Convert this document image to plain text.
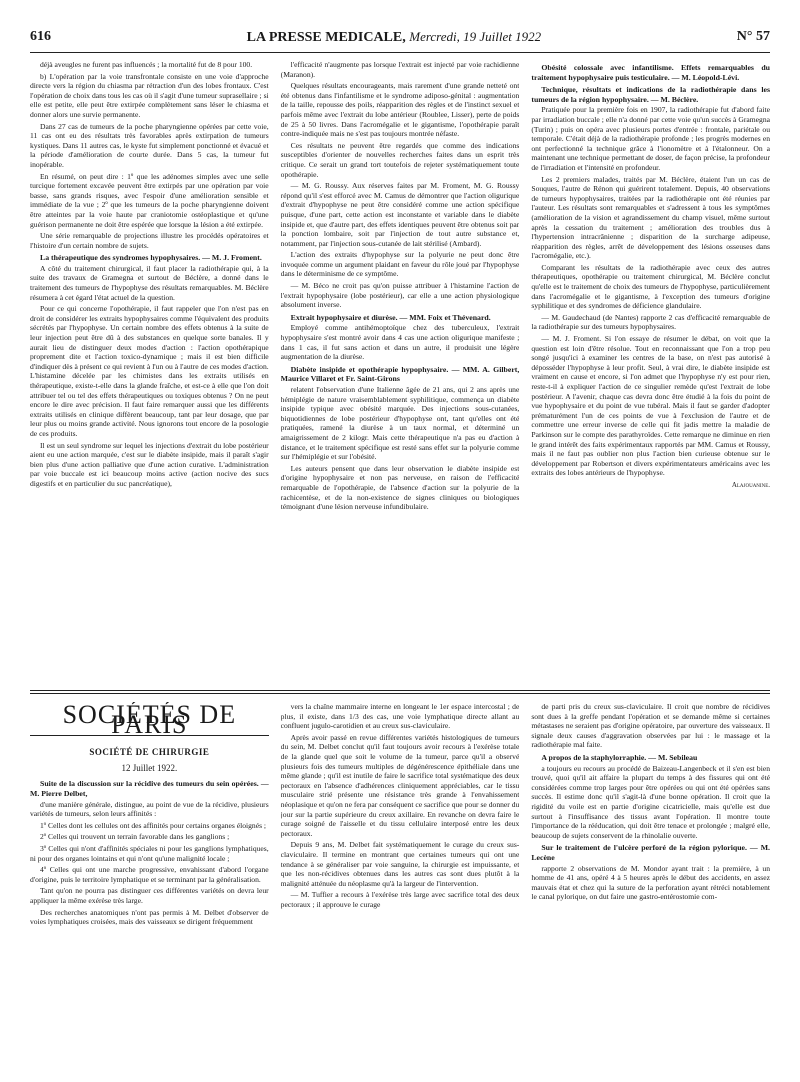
616	LA PRESSE MEDICALE, Mercredi, 19 Juillet 1922	N° 57

déjà aveugles ne furent pas influencés ; la mortalité fut de 8 pour 100.

b) L'opération par la voie transfrontale consiste en une voie d'approche directe vers la région du chiasma par rétraction d'un des lobes frontaux. C'est l'opération de choix dans tous les cas où il s'agit d'une tumeur suprasellaire ; si elle est petite, elle peut être extirpée complètement sans léser le chiasma et donner alors une survie permanente.

Dans 27 cas de tumeurs de la poche pharyngienne opérées par cette voie, 11 cas ont eu des résultats très favorables après extirpation de tumeurs kystiques. Dans 11 autres cas, le kyste fut simplement ponctionné et évacué et la période d'amélioration de courte durée. Dans 5 cas, la tumeur fut inopérable.

En résumé, on peut dire : 1º que les adénomes simples avec une selle turcique fortement excavée peuvent être extirpés par une opération par voie basse, sans grands risques, avec l'espoir d'une amélioration sensible et immédiate de la vue ; 2º que les tumeurs de la poche pharyngienne doivent être atteintes par la voie haute par craniotomie ostéoplastique et qu'une guérison permanente ne doit être espérée que lorsque la lésion a été extirpée.

Une série remarquable de projections illustre les procédés opératoires et l'histoire d'un certain nombre de sujets.

La thérapeutique des syndromes hypophysaires. — M. J. Froment.

A côté du traitement chirurgical, il faut placer la radiothérapie qui, à la suite des travaux de Gramegna et surtout de Béclère, a donné dans le traitement des tumeurs de l'hypophyse des résultats remarquables. M. Béclère résumera à cet égard l'état actuel de la question.

Pour ce qui concerne l'opothérapie, il faut rappeler que l'on n'est pas en droit de considérer les extraits hypophysaires comme l'équivalent des produits sécrétés par l'hypophyse. Un certain nombre des effets obtenus à la suite de leur injection peut être dû à des substances en quelque sorte banales. Il y aurait lieu de distinguer deux modes d'action : l'action opothérapique proprement dite et l'action toxico-dynamique ; mais il est bien difficile d'indiquer dès à présent ce qui revient à l'un ou à l'autre de ces modes d'action. L'histamine décelée par les chimistes dans les extraits utilisés en thérapeutique, existe-t-elle dans la glande fraîche, et est-ce à elle que l'on doit attribuer tel ou tel des effets thérapeutiques ou toxiques obtenus ? On ne peut encore le dire avec précision. Il faut faire remarquer aussi que les différents extraits utilisés en clinique diffèrent beaucoup, tant par leur dosage, que par leur plus ou moins grande activité. Nous ignorons tout encore de la posologie de ces produits.

Il est un seul syndrome sur lequel les injections d'extrait du lobe postérieur aient eu une action marquée, c'est sur le diabète insipide, mais il paraît s'agir bien plus d'une action palliative que d'une action curative. L'administration par voie buccale est ici beaucoup moins active (action nocive des sucs digestifs et en particulier du suc pancréatique),

l'efficacité n'augmente pas lorsque l'extrait est injecté par voie rachidienne (Maranon).

Quelques résultats encourageants, mais rarement d'une grande netteté ont été obtenus dans l'infantilisme et le syndrome adiposo-génital : augmentation de la taille, repousse des poils, réapparition des règles et de l'instinct sexuel et parfois même avec l'extrait du lobe antérieur (Roublee, Lisser), perte de poids de 25 à 50 livres. Dans l'acromégalie et le gigantisme, l'opothérapie paraît contre-indiquée mais ne s'est pas toujours montrée néfaste.

Ces résultats ne peuvent être regardés que comme des indications susceptibles d'orienter de nouvelles recherches faites dans un esprit très critique. Ce serait un grand tort toutefois de rejeter systématiquement toute opothérapie.

— M. G. Roussy. Aux réserves faites par M. Froment, M. G. Roussy répond qu'il s'est efforcé avec M. Camus de démontrer que l'action oligurique d'extrait d'hypophyse ne peut être considéré comme une action spécifique puisque, d'une part, cette action est inconstante et variable dans le diabète insipide et, que d'autre part, des effets identiques peuvent être obtenus soit par la ponction lombaire, soit par l'injection de tout autre substance et, notamment, par l'injection sous-cutanée de lait stérilisé (Ambard).

L'action des extraits d'hypophyse sur la polyurie ne peut donc être invoquée comme un argument plaidant en faveur du rôle joué par l'hypophyse dans le déterminisme de ce symptôme.

— M. Béco ne croit pas qu'on puisse attribuer à l'histamine l'action de l'extrait hypophysaire (lobe postérieur), car elle a une action physiologique absolument inverse.

Extrait hypophysaire et diurèse. — MM. Foix et Thévenard.

Employé comme antihémoptoïque chez des tuberculeux, l'extrait hypophysaire s'est montré avoir dans 4 cas une action oligurique manifeste ; dans 1 cas, il fut sans action et dans un autre, il produisit une légère augmentation de la diurèse.

Diabète insipide et opothérapie hypophysaire. — MM. A. Gilbert, Maurice Villaret et Fr. Saint-Girons

relatent l'observation d'une Italienne âgée de 21 ans, qui 2 ans après une hémiplégie de nature vraisemblablement syphilitique, commença un diabète insipide typique avec obésité marquée. Des injections sous-cutanées, biquotidiennes de lobe postérieur d'hypophyse ont, tant qu'elles ont été pratiquées, ramené la diurèse à un taux normal, et déterminé un amaigrissement de 2 kilogr. Mais cette thérapeutique n'a pas eu d'action à distance, et le traitement spécifique est resté sans effet sur la polyurie comme sur l'hémiplégie et sur l'obésité.

Les auteurs pensent que dans leur observation le diabète insipide est d'origine hypophysaire et non pas nerveuse, en raison de l'efficacité remarquable de l'opothérapie, de l'absence d'action sur la polyurie de la rachicentèse, et de la non-existence de signes cliniques ou biologiques témoignant d'une lésion nerveuse infundibulaire.

Obésité colossale avec infantilisme. Effets remarquables du traitement hypophysaire puis testiculaire. — M. Léopold-Lévi.
Technique, résultats et indications de la radiothérapie dans les tumeurs de la région hypophysaire. — M. Béclère.

Pratiquée pour la première fois en 1907, la radiothérapie fut d'abord faite par irradiation buccale ; elle n'a donné par cette voie qu'un succès à Gramegna (Turin) ; puis on opéra avec plusieurs portes d'entrée : frontale, pariétale ou temporale. C'était déjà de la radiothérapie profonde ; les progrès modernes en ont perfectionné la technique grâce à l'ionomètre et à l'étalonneur. On a maintenant une technique permettant de doser, de façon précise, la profondeur de l'irradiation et l'intensité en profondeur.

Les 2 premiers malades, traités par M. Béclère, étaient l'un un cas de Souques, l'autre de Rénon qui guérirent totalement. Depuis, 40 observations de tumeurs hypophysaires, traitées par la radiothérapie ont été réunies par l'auteur. Les résultats sont remarquables et s'adressent à tous les symptômes (amélioration de la vision et agrandissement du champ visuel, même surtout après la cessation du traitement ; amélioration des troubles dus à l'hypertension intracrânienne ; disparition de la surcharge adipeuse, réapparition des règles, arrêt de développement des lésions osseuses dans l'acromégalie, etc.).

Comparant les résultats de la radiothérapie avec ceux des autres thérapeutiques, opothérapie ou traitement chirurgical, M. Béclère conclut qu'elle est le traitement de choix des tumeurs de l'hypophyse, particulièrement dans l'acromégalie et le gigantisme, à l'exception des tumeurs d'origine syphilitique et des syndromes de déficience glandulaire.

— M. Gaudechaud (de Nantes) rapporte 2 cas d'efficacité remarquable de la radiothérapie sur des tumeurs hypophysaires.

— M. J. Froment. Si l'on essaye de résumer le débat, on voit que la question est loin d'être résolue. Tout en reconnaissant que l'on a trop peu songé jusqu'ici à examiner les centres de la base, on n'est pas autorisé à déposséder l'hypophyse à leur profit. Seul, à vrai dire, le diabète insipide est vraiment en cause et encore, si l'on admet que l'hypophyse n'y est pour rien, reste-t-il à expliquer l'action de ce singulier remède qu'est l'extrait de lobe postérieur. A l'avenir, chaque cas devra donc être étudié à la fois du point de vue hypophysaire et du point de vue tubéral. Mais il faut se garder d'adopter prématurément l'un de ces points de vue à l'exclusion de l'autre et de commettre une erreur inverse de celle qui fit jadis mettre la maladie de Parkinson sur le compte des parathyroïdes. Cette remarque ne diminue en rien le grand intérêt des faits expérimentaux rapportés par MM. Camus et Roussy, mais il ne faut pas oublier non plus l'action bien curieuse obtenue sur le développement par Robertson et divers expérimentateurs américains avec les extraits des lobes antérieurs de l'hypophyse.

Alajouanine.
SOCIÉTÉS DE PARIS
SOCIÉTÉ DE CHIRURGIE
12 Juillet 1922.
Suite de la discussion sur la récidive des tumeurs du sein opérées. — M. Pierre Delbet,

d'une manière générale, distingue, au point de vue de la récidive, plusieurs variétés de tumeurs, selon leurs affinités :

1º Celles dont les cellules ont des affinités pour certains organes éloignés ;

2º Celles qui trouvent un terrain favorable dans les ganglions ;

3º Celles qui n'ont d'affinités spéciales ni pour les ganglions lymphatiques, ni pour des organes lointains et qui n'ont qu'une malignité locale ;

4º Celles qui ont une marche progressive, envahissant d'abord l'organe d'origine, puis le territoire lymphatique et se terminant par la généralisation.

Tant qu'on ne pourra pas distinguer ces différentes variétés on devra leur appliquer la même exérèse très large.

Des recherches anatomiques n'ont pas permis à M. Delbet d'observer de voies lymphatiques croisées, mais des vaisseaux se dirigent fréquemment

vers la chaîne mammaire interne en longeant le 1er espace intercostal ; de plus, il existe, dans 1/3 des cas, une voie lymphatique directe allant au confluent jugulo-carotidien et au creux sus-claviculaire.

Après avoir passé en revue différentes variétés histologiques de tumeurs du sein, M. Delbet conclut qu'il faut toujours avoir recours à l'exérèse totale de la glande quel que soit le volume de la tumeur, parce qu'il a observé plusieurs fois des tumeurs multiples de dégénérescence épithéliale dans une même glande ; qu'il est inutile de faire le sacrifice total systématique des deux pectoraux en l'absence d'adhérences cliniquement appréciables, car le tissu musculaire strié présente une résistance très grande à l'envahissement néoplasique et qu'on ne fera par conséquent ce sacrifice que pour se donner du jour sur la partie supérieure du creux axillaire. En revanche on devra faire le curage soigné de l'aisselle et du tissu cellulaire interposé entre les deux pectoraux.

Depuis 9 ans, M. Delbet fait systématiquement le curage du creux sus-claviculaire. Il termine en montrant que certaines tumeurs qui ont une tendance à se généraliser par voie sanguine, la chirurgie est impuissante, et que les non-récidives obtenues dans les autres cas sont dues plutôt à la malignité atténuée du néoplasme qu'à la largeur de l'intervention.

— M. Tuffier a recours à l'exérèse très large avec sacrifice total des deux pectoraux ; il approuve le curage

de parti pris du creux sus-claviculaire. Il croit que nombre de récidives sont dues à la greffe pendant l'opération et se demande même si certaines métastases ne seraient pas d'origine opératoire, par ouverture des vaisseaux. Il signale deux causes d'aggravation observées par lui : le massage et la radiothérapie mal faite.

A propos de la staphylorraphie. — M. Sebileau

a toujours eu recours au procédé de Baizeau-Langenbeck et il s'en est bien trouvé, quoi qu'il ait affaire la plupart du temps à des fissures qui ont été considérées comme trop larges pour être opérées ou qui ont été opérées sans succès. Il estime donc qu'il s'agit-là d'une bonne opération. Il croit que la rigidité du voile est en partie d'origine cicatricielle, mais qu'elle est due surtout à l'insuffisance des tissus avant l'opération. Il montre toute l'importance de la rééducation, qui doit être tenace et prolongée ; malgré elle, beaucoup de sujets conservent de la rhinolalie ouverte.

Sur le traitement de l'ulcère perforé de la région pylorique. — M. Lecène

rapporte 2 observations de M. Mondor ayant trait : la première, à un homme de 41 ans, opéré 4 à 5 heures après le début des accidents, en assez mauvais état et chez qui la suture de la perforation ayant rétréci notablement le canal pylorique, on dut faire une gastro-entérostomie com-
